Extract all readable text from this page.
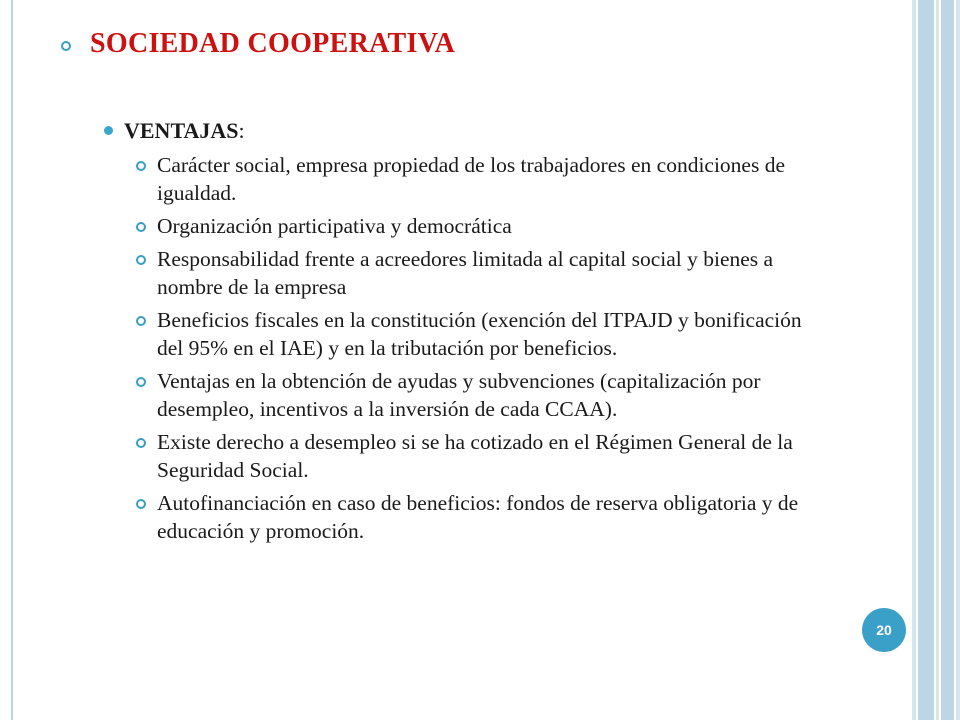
SOCIEDAD COOPERATIVA
VENTAJAS:
Carácter social, empresa propiedad de los trabajadores en condiciones de igualdad.
Organización participativa y democrática
Responsabilidad frente a acreedores limitada al capital social y bienes a nombre de la empresa
Beneficios fiscales en la constitución (exención del ITPAJD y bonificación del 95% en el IAE) y en la tributación por beneficios.
Ventajas en la obtención de ayudas y subvenciones (capitalización por desempleo, incentivos a la inversión de cada CCAA).
Existe derecho a desempleo si se ha cotizado en el Régimen General de la Seguridad Social.
Autofinanciación en caso de beneficios: fondos de reserva obligatoria y de educación y promoción.
20
